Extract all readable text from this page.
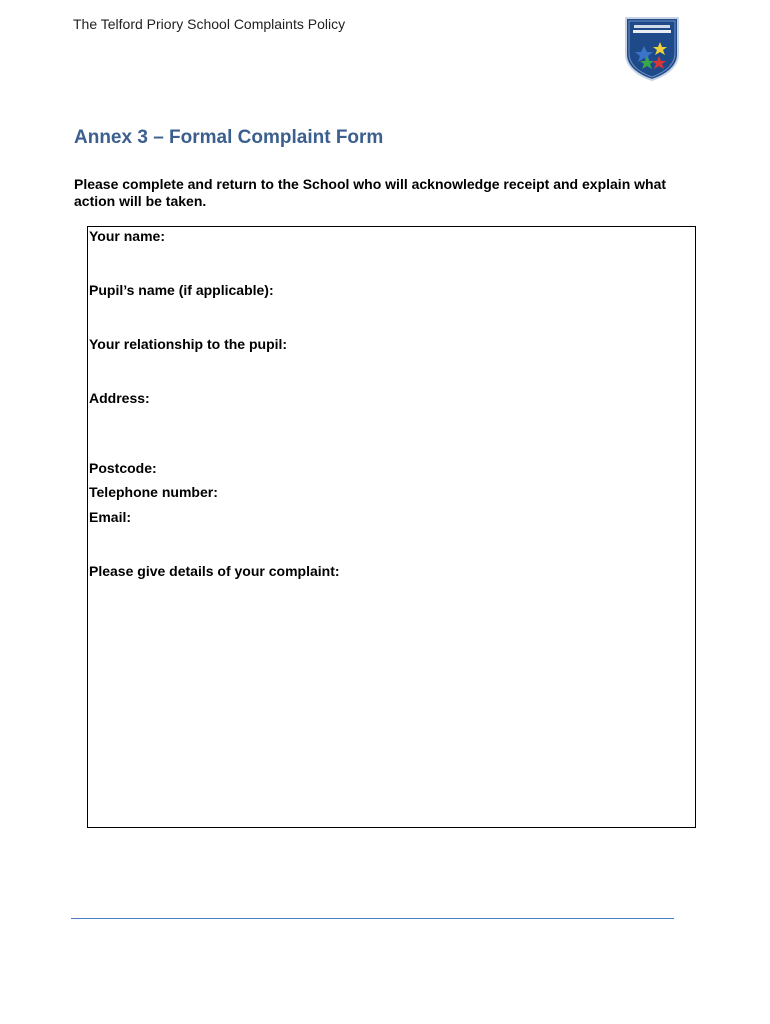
The Telford Priory School Complaints Policy
Annex 3 – Formal Complaint Form
Please complete and return to the School who will acknowledge receipt and explain what action will be taken.
Your name:
Pupil’s name (if applicable):
Your relationship to the pupil:
Address:
Postcode:
Telephone number:
Email:
Please give details of your complaint:
